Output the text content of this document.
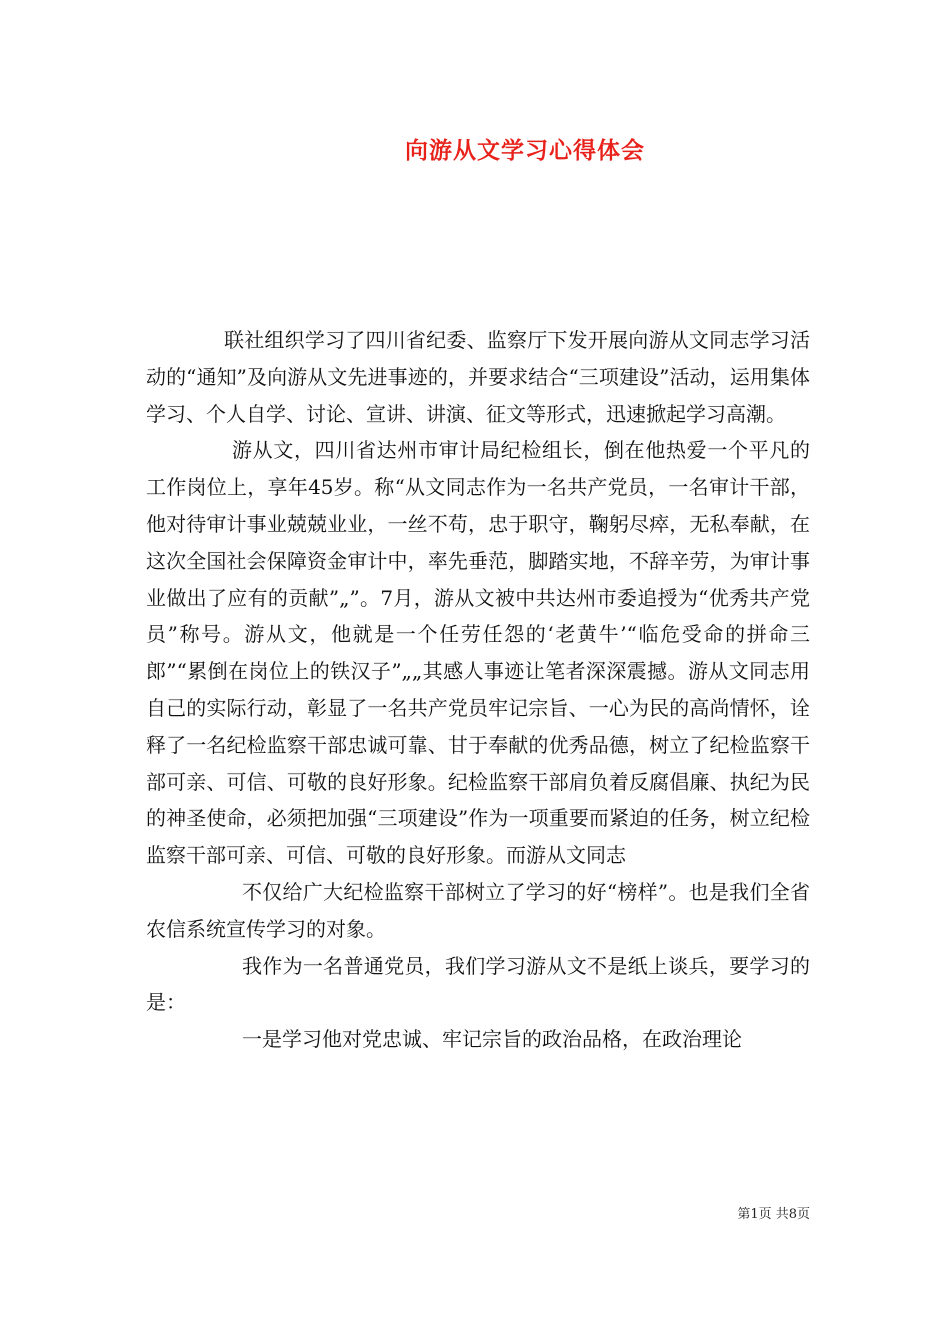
向游从文学习心得体会

联社组织学习了四川省纪委、监察厅下发开展向游从文同志学习活动的“通知”及向游从文先进事迹的，并要求结合“三项建设”活动，运用集体学习、个人自学、讨论、宣讲、讲演、征文等形式，迅速掀起学习高潮。

游从文，四川省达州市审计局纪检组长，倒在他热爱一个平凡的工作岗位上，享年45岁。称“从文同志作为一名共产党员，一名审计干部，他对待审计事业兢兢业业，一丝不苟，忠于职守，鞠躬尽瘁，无私奉献，在这次全国社会保障资金审计中，率先垂范，脚踏实地，不辞辛劳，为审计事业做出了应有的贡献”„”。7月，游从文被中共达州市委追授为“优秀共产党员”称号。游从文，他就是一个任劳任怨的‘老黄牛’“临危受命的拼命三郎”“累倒在岗位上的铁汉子”„„其感人事迹让笔者深深震撼。游从文同志用自己的实际行动，彰显了一名共产党员牢记宗旨、一心为民的高尚情怀，诠释了一名纪检监察干部忠诚可靠、甘于奉献的优秀品德，树立了纪检监察干部可亲、可信、可敬的良好形象。纪检监察干部肩负着反腐倡廉、执纪为民的神圣使命，必须把加强“三项建设”作为一项重要而紧迫的任务，树立纪检监察干部可亲、可信、可敬的良好形象。而游从文同志

不仅给广大纪检监察干部树立了学习的好“榜样”。也是我们全省农信系统宣传学习的对象。

我作为一名普通党员，我们学习游从文不是纸上谈兵，要学习的是：

一是学习他对党忠诚、牢记宗旨的政治品格，在政治理论

第1页 共8页
